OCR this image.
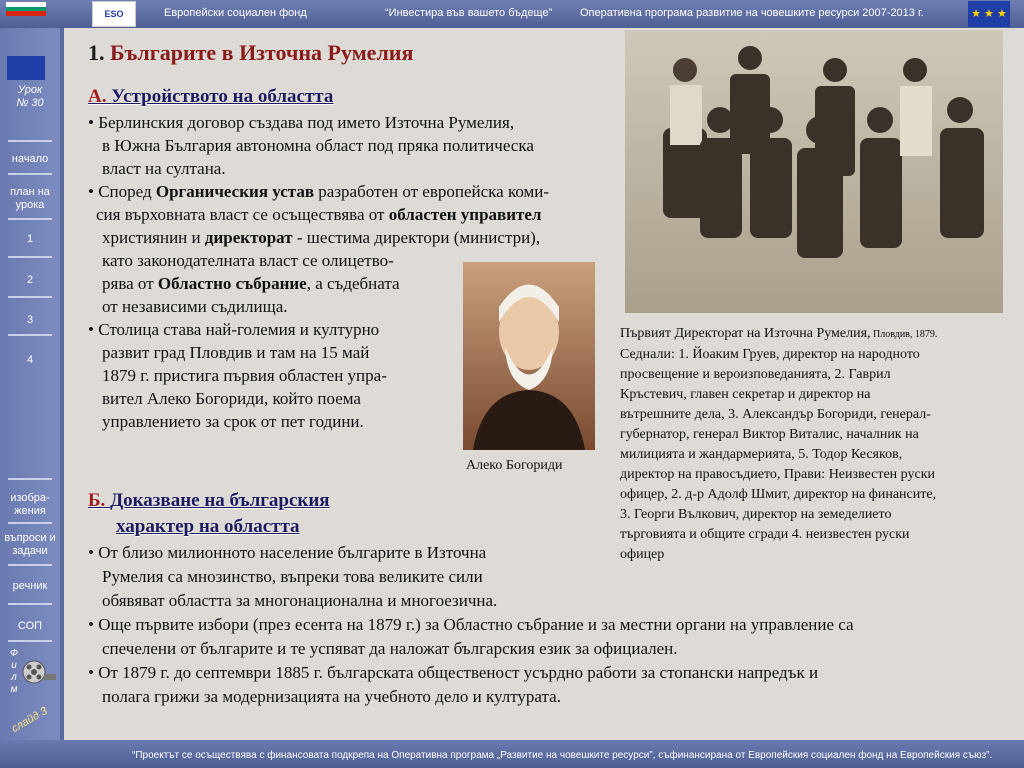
ESO	Европейски социален фонд	“Инвестира във вашето бъдеще”	Оперативна програма развитие на човешките ресурси 2007-2013 г.	★ ★ ★
Урок
№ 30
начало
план на урока
1
2
3
4
изобра-жения
въпроси и задачи
речник
СОП
Ф и л м
слайд 3
1. Българите в Източна Румелия
А. Устройството на областта
• Берлинския договор създава под името Източна Румелия,
в Южна България автономна област под пряка политическа
власт на султана.
• Според Органическия устав разработен от европейска коми-
сия върховната власт се осъществява от областен управител
християнин и директорат - шестима директори (министри),
като законодателната власт се олицетво-
рява от Областно събрание, а съдебната
от независими съдилища.
• Столица става най-големия и културно
развит град Пловдив и там на 15 май
1879 г. пристига първия областен упра-
вител Алеко Богориди, който поема
управлението за срок от пет години.
Алеко Богориди
Първият Директорат на Източна Румелия, Пловдив, 1879.
Седнали: 1. Йоаким Груев, директор на народното
просвещение и вероизповеданията, 2. Гаврил
Кръстевич, главен секретар и директор на
вътрешните дела, 3. Александър Богориди, генерал-
губернатор, генерал Виктор Виталис, началник на
милицията и жандармерията, 5. Тодор Кесяков,
директор на правосъдието, Прави: Неизвестен руски
офицер, 2. д-р Адолф Шмит, директор на финансите,
3. Георги Вълкович, директор на земеделието
търговията и общите сгради 4. неизвестен руски
офицер
Б. Доказване на българския
характер на областта
• От близо милионното население българите в Източна
Румелия са мнозинство, въпреки това великите сили
обявяват областта за многонационална и многоезична.
• Още първите избори (през есента на 1879 г.) за Областно събрание и за местни органи на управление са
спечелени от българите и те успяват да наложат българския език за официален.
• От 1879 г. до септември 1885 г. българската общественост усърдно работи за стопански напредък и
полага грижи за модернизацията на учебното дело и културата.
“Проектът се осъществява с финансовата подкрепа на Оперативна програма „Развитие на човешките ресурси”, съфинансирана от Европейския социален фонд на Европейския съюз”.
